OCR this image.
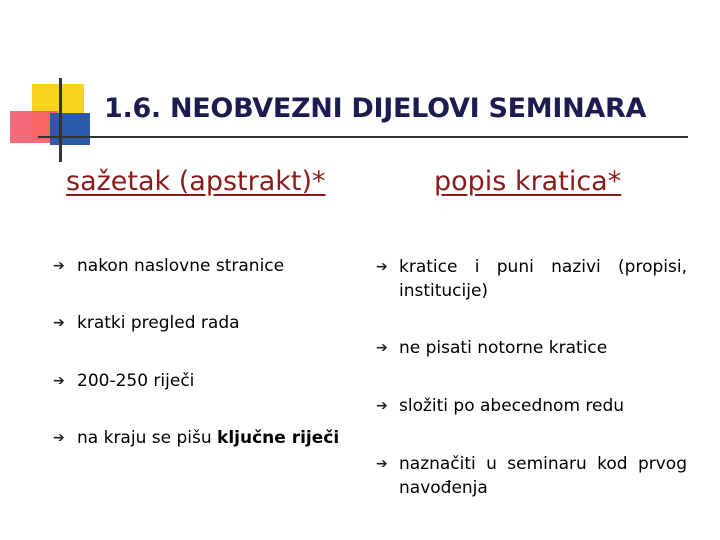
1.6. NEOBVEZNI DIJELOVI SEMINARA
sažetak (apstrakt)*	popis kratica*
➔ nakon naslovne stranice
➔ kratki pregled rada
➔ 200-250 riječi
➔ na kraju se pišu ključne riječi
➔ kratice i puni nazivi (propisi,
institucije)
➔ ne pisati notorne kratice
➔ složiti po abecednom redu
➔ naznačiti u seminaru kod prvog
navođenja
